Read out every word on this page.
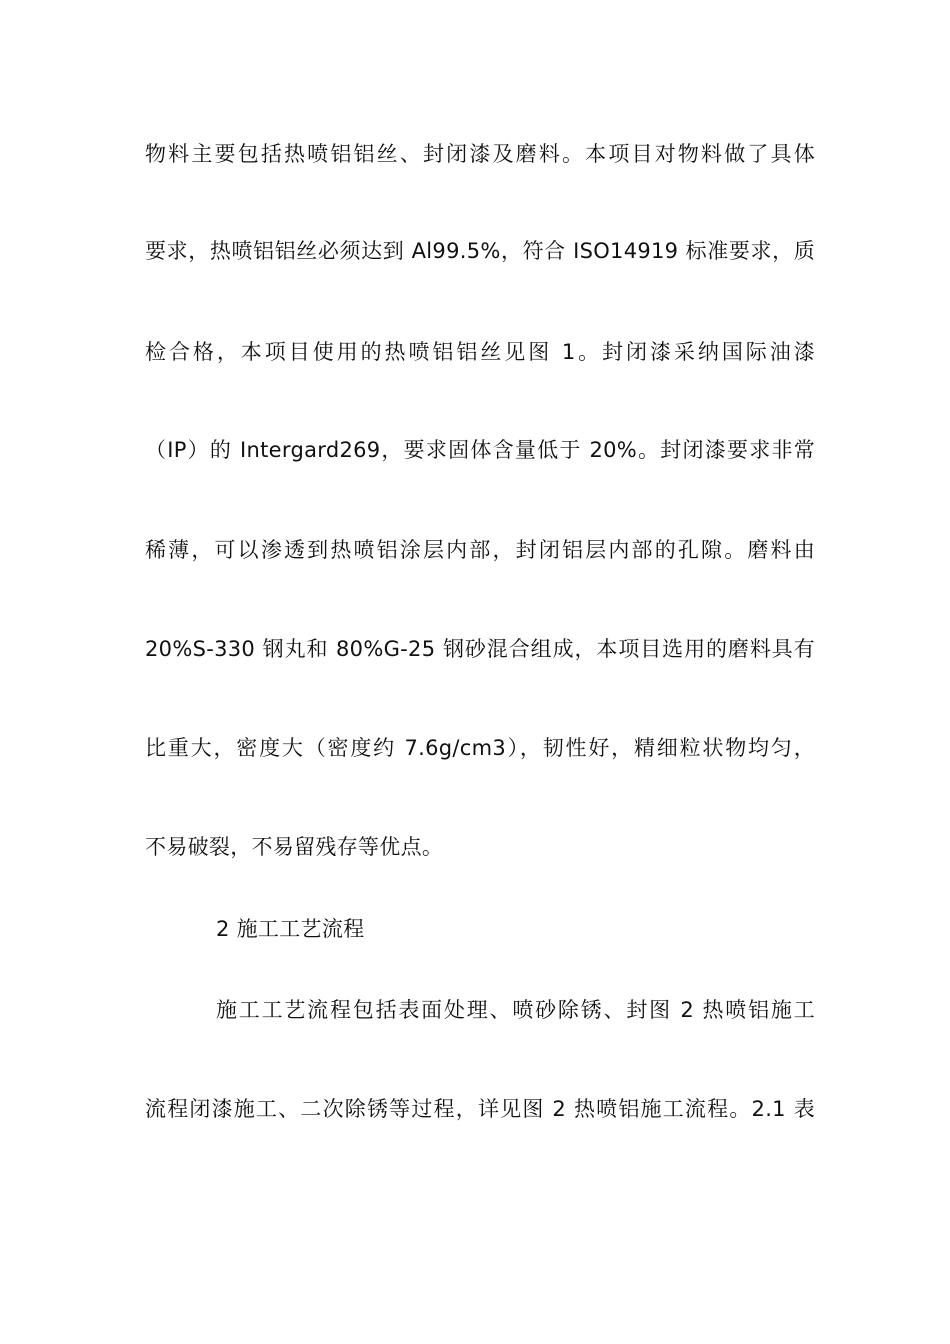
物料主要包括热喷铝铝丝、封闭漆及磨料。本项目对物料做了具体
要求，热喷铝铝丝必须达到 Al99.5%，符合 ISO14919 标准要求，质
检合格，本项目使用的热喷铝铝丝见图 1。封闭漆采纳国际油漆
（IP）的 Intergard269，要求固体含量低于 20%。封闭漆要求非常
稀薄，可以渗透到热喷铝涂层内部，封闭铝层内部的孔隙。磨料由
20%S-330 钢丸和 80%G-25 钢砂混合组成，本项目选用的磨料具有
比重大，密度大（密度约 7.6g/cm3），韧性好，精细粒状物均匀，
不易破裂，不易留残存等优点。
2 施工工艺流程
施工工艺流程包括表面处理、喷砂除锈、封图 2 热喷铝施工
流程闭漆施工、二次除锈等过程，详见图 2 热喷铝施工流程。2.1 表
